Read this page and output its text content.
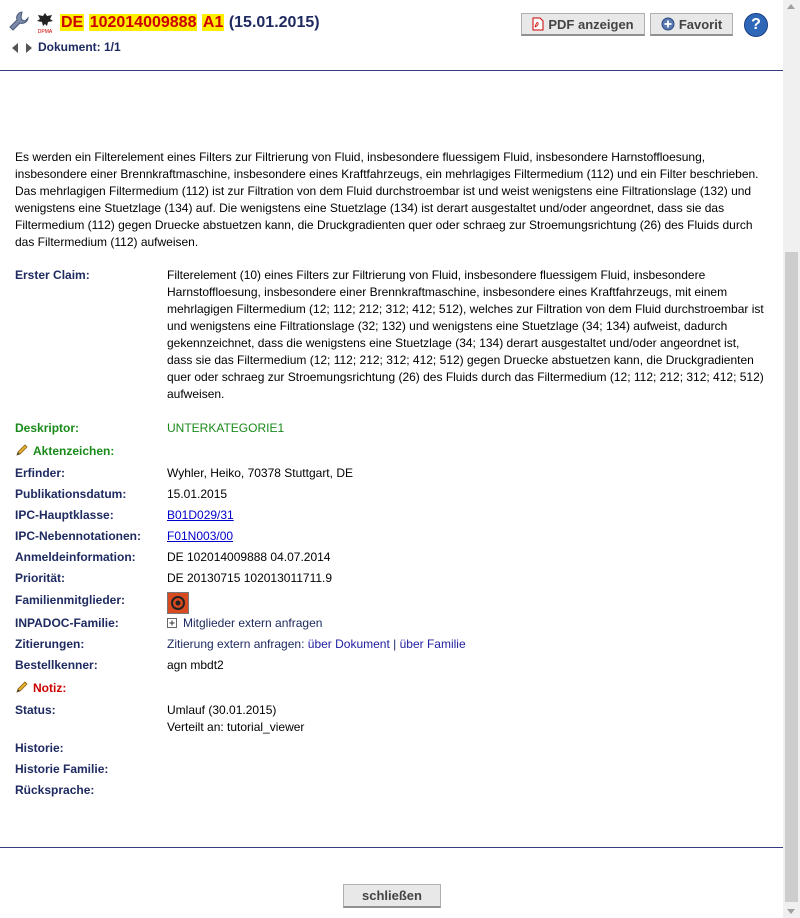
DPMA
DE 102014009888 A1 (15.01.2015)
Dokument: 1/1
PDF anzeigen	Favorit ?
Es werden ein Filterelement eines Filters zur Filtrierung von Fluid, insbesondere fluessigem Fluid, insbesondere Harnstoffloesung, insbesondere einer Brennkraftmaschine, insbesondere eines Kraftfahrzeugs, ein mehrlagiges Filtermedium (112) und ein Filter beschrieben. Das mehrlagigen Filtermedium (112) ist zur Filtration von dem Fluid durchstroembar ist und weist wenigstens eine Filtrationslage (132) und wenigstens eine Stuetzlage (134) auf. Die wenigstens eine Stuetzlage (134) ist derart ausgestaltet und/oder angeordnet, dass sie das Filtermedium (112) gegen Druecke abstuetzen kann, die Druckgradienten quer oder schraeg zur Stroemungsrichtung (26) des Fluids durch das Filtermedium (112) aufweisen.
Erster Claim:	Filterelement (10) eines Filters zur Filtrierung von Fluid, insbesondere fluessigem Fluid, insbesondere Harnstoffloesung, insbesondere einer Brennkraftmaschine, insbesondere eines Kraftfahrzeugs, mit einem mehrlagigen Filtermedium (12; 112; 212; 312; 412; 512), welches zur Filtration von dem Fluid durchstroembar ist und wenigstens eine Filtrationslage (32; 132) und wenigstens eine Stuetzlage (34; 134) aufweist, dadurch gekennzeichnet, dass die wenigstens eine Stuetzlage (34; 134) derart ausgestaltet und/oder angeordnet ist, dass sie das Filtermedium (12; 112; 212; 312; 412; 512) gegen Druecke abstuetzen kann, die Druckgradienten quer oder schraeg zur Stroemungsrichtung (26) des Fluids durch das Filtermedium (12; 112; 212; 312; 412; 512) aufweisen.
Deskriptor:	UNTERKATEGORIE1
Aktenzeichen:
Erfinder:	Wyhler, Heiko, 70378 Stuttgart, DE
Publikationsdatum:	15.01.2015
IPC-Hauptklasse:	B01D029/31
IPC-Nebennotationen: F01N003/00
Anmeldeinformation:	DE 102014009888 04.07.2014
Priorität:	DE 20130715 102013011711.9
Familienmitglieder:
INPADOC-Familie:	Mitglieder extern anfragen
Zitierungen:	Zitierung extern anfragen: über Dokument | über Familie
Bestellkenner:	agn mbdt2
Notiz:
Status:	Umlauf (30.01.2015)
Verteilt an: tutorial_viewer
Historie:
Historie Familie:
Rücksprache:
schließen
